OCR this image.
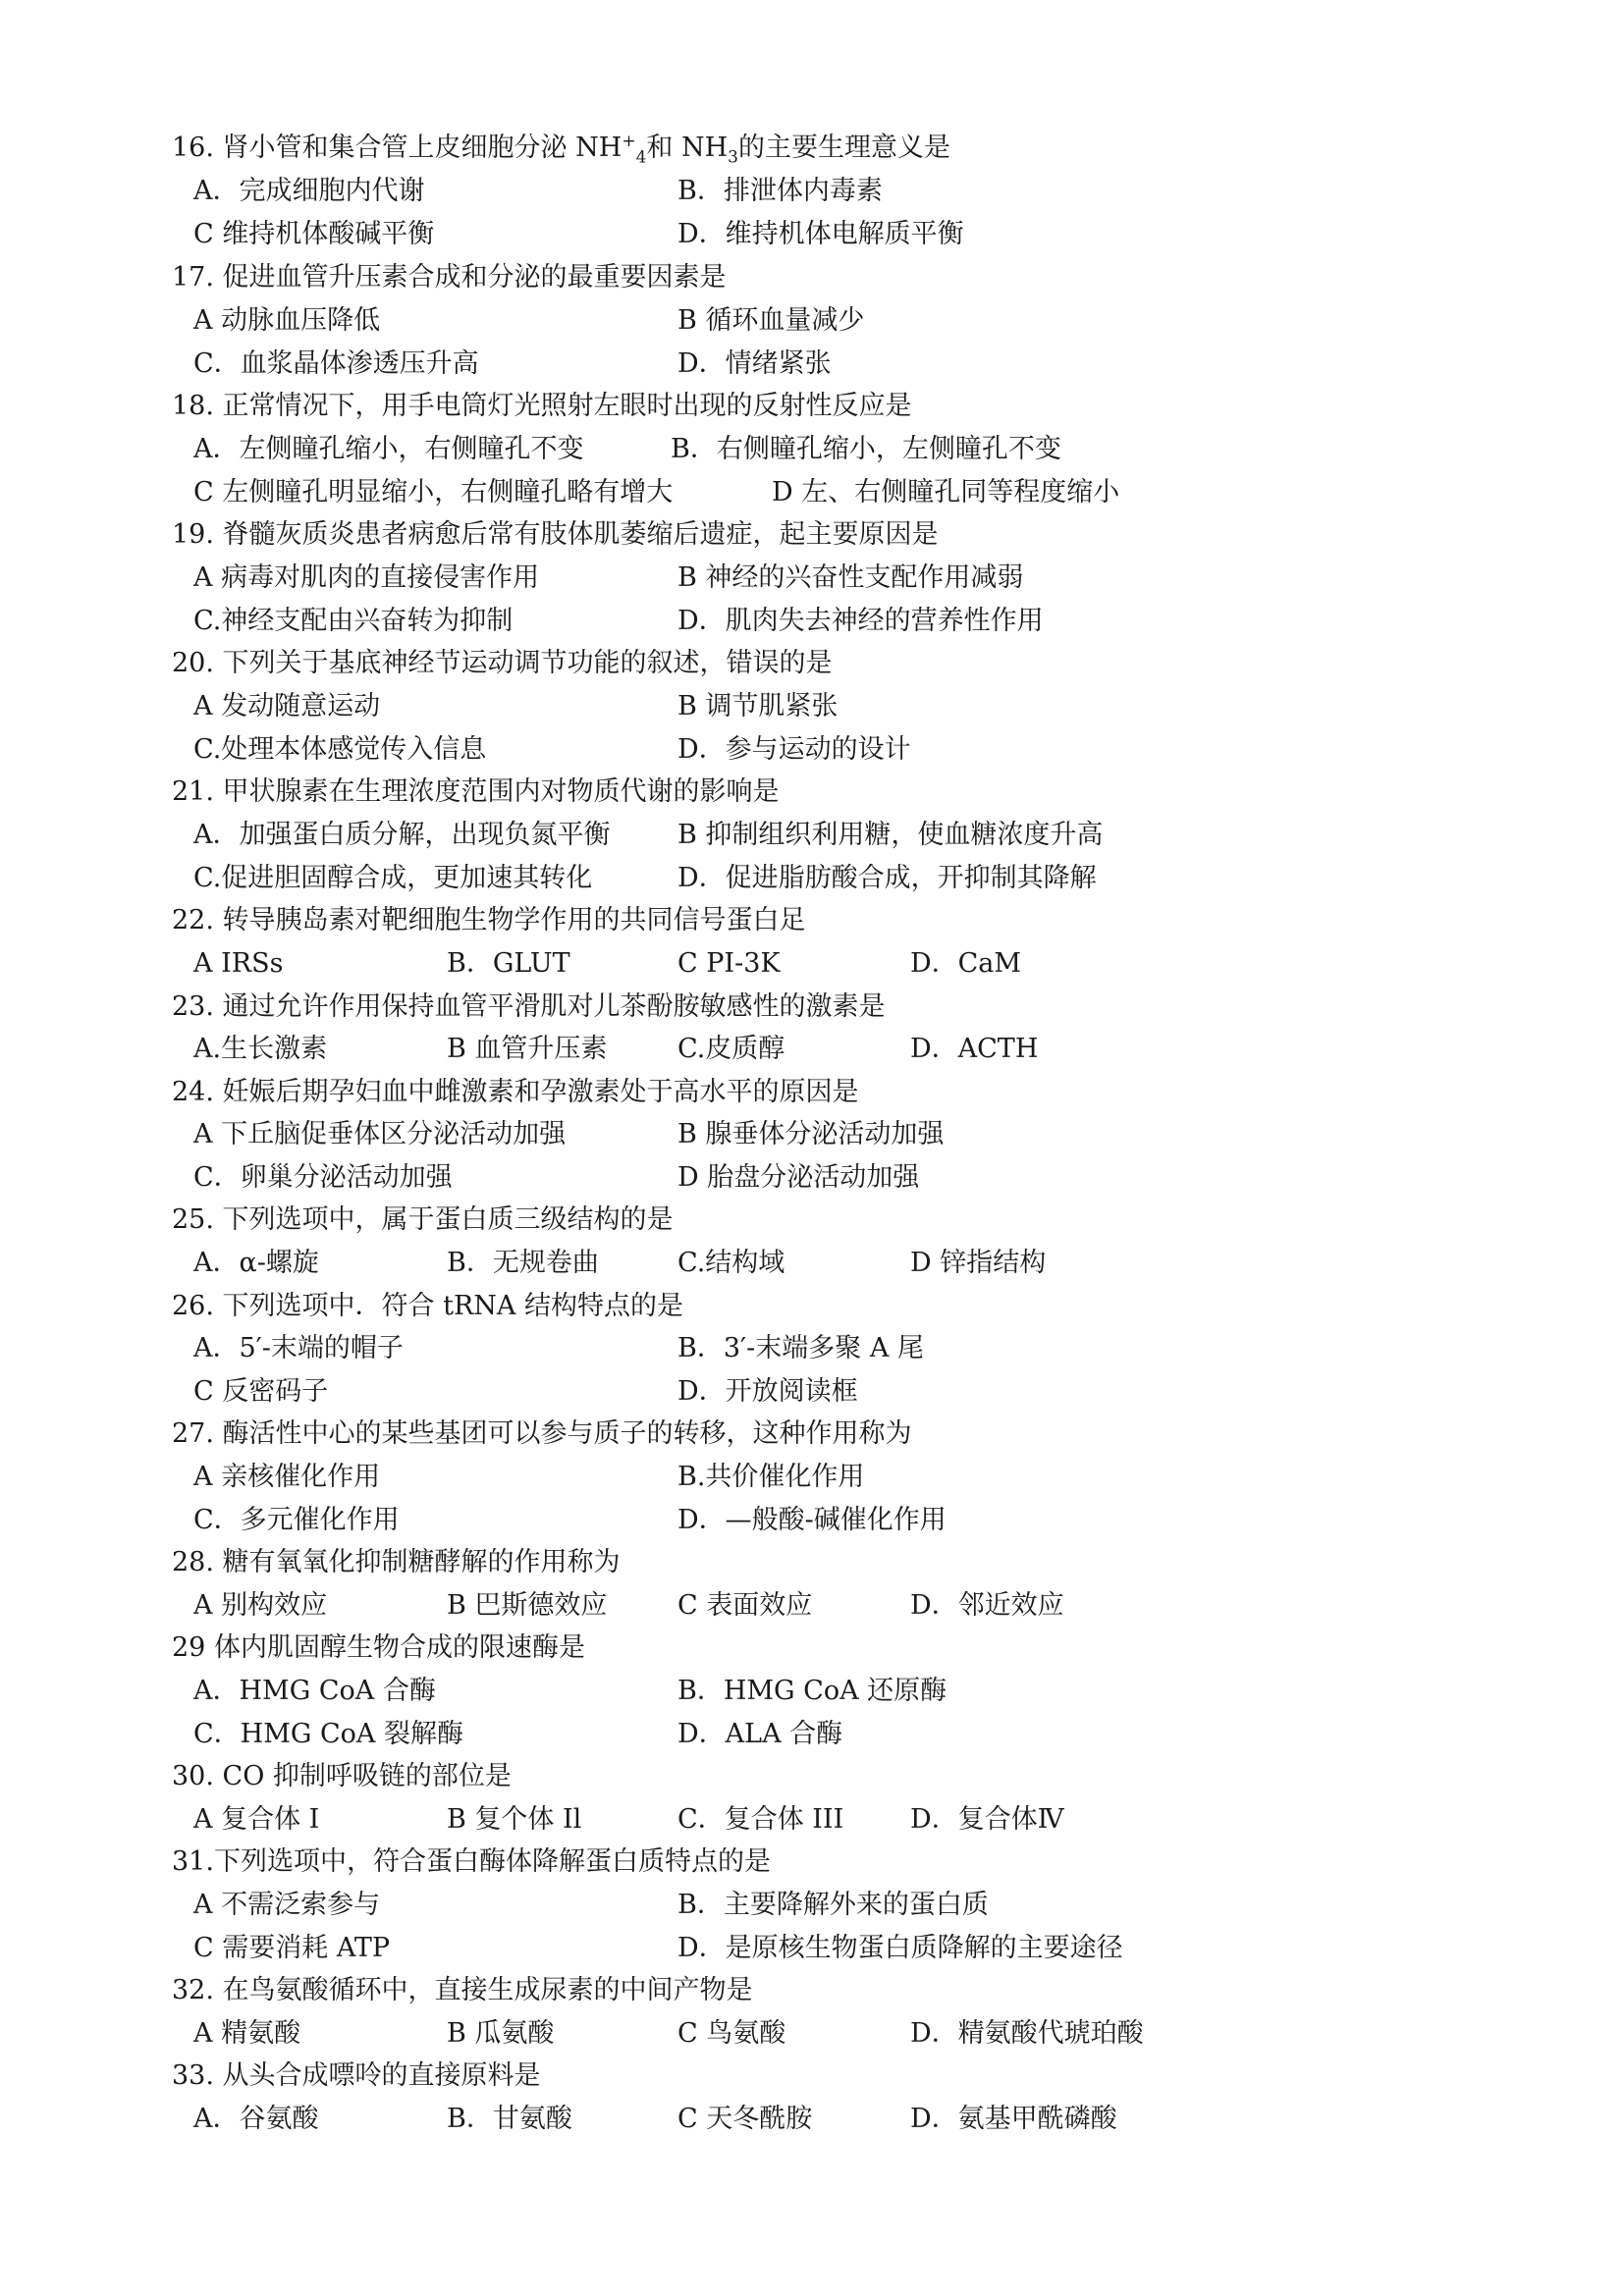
16. 肾小管和集合管上皮细胞分泌 $NH^+_4$和 $NH_3$的主要生理意义是
A．完成细胞内代谢	B．排泄体内毒素
C 维持机体酸碱平衡	D．维持机体电解质平衡
17. 促进血管升压素合成和分泌的最重要因素是
A 动脉血压降低	B 循环血量减少
C．血浆晶体渗透压升高	D．情绪紧张
18. 正常情况下，用手电筒灯光照射左眼时出现的反射性反应是
A．左侧瞳孔缩小，右侧瞳孔不变	B．右侧瞳孔缩小，左侧瞳孔不变
C 左侧瞳孔明显缩小，右侧瞳孔略有增大	D 左、右侧瞳孔同等程度缩小
19. 脊髓灰质炎患者病愈后常有肢体肌萎缩后遗症，起主要原因是
A 病毒对肌肉的直接侵害作用	B 神经的兴奋性支配作用减弱
C.神经支配由兴奋转为抑制	D．肌肉失去神经的营养性作用
20. 下列关于基底神经节运动调节功能的叙述，错误的是
A 发动随意运动	B 调节肌紧张
C.处理本体感觉传入信息	D．参与运动的设计
21. 甲状腺素在生理浓度范围内对物质代谢的影响是
A．加强蛋白质分解，出现负氮平衡	B 抑制组织利用糖，使血糖浓度升高
C.促进胆固醇合成，更加速其转化	D．促进脂肪酸合成，开抑制其降解
22. 转导胰岛素对靶细胞生物学作用的共同信号蛋白足
A IRSs	B．GLUT	C PI-3K	D．CaM
23. 通过允许作用保持血管平滑肌对儿茶酚胺敏感性的激素是
A.生长激素	B 血管升压素	C.皮质醇	D．ACTH
24. 妊娠后期孕妇血中雌激素和孕激素处于高水平的原因是
A 下丘脑促垂体区分泌活动加强	B 腺垂体分泌活动加强
C．卵巢分泌活动加强	D 胎盘分泌活动加强
25. 下列选项中，属于蛋白质三级结构的是
A．α-螺旋	B．无规卷曲	C.结构域	D 锌指结构
26. 下列选项中．符合 tRNA 结构特点的是
A．5′-末端的帽子	B．3′-末端多聚 A 尾
C 反密码子	D．开放阅读框
27. 酶活性中心的某些基团可以参与质子的转移，这种作用称为
A 亲核催化作用	B.共价催化作用
C．多元催化作用	D．—般酸-碱催化作用
28. 糖有氧氧化抑制糖酵解的作用称为
A 别构效应	B 巴斯德效应	C 表面效应	D．邻近效应
29 体内肌固醇生物合成的限速酶是
A．HMG CoA 合酶	B．HMG CoA 还原酶
C．HMG CoA 裂解酶	D．ALA 合酶
30. CO 抑制呼吸链的部位是
A 复合体 I	B 复个体 Il	C．复合体 III	D．复合体Ⅳ
31.下列选项中，符合蛋白酶体降解蛋白质特点的是
A 不需泛索参与	B．主要降解外来的蛋白质
C 需要消耗 ATP	D．是原核生物蛋白质降解的主要途径
32. 在鸟氨酸循环中，直接生成尿素的中间产物是
A 精氨酸	B 瓜氨酸	C 鸟氨酸	D．精氨酸代琥珀酸
33. 从头合成嘌呤的直接原料是
A．谷氨酸	B．甘氨酸	C 天冬酰胺	D．氨基甲酰磷酸
